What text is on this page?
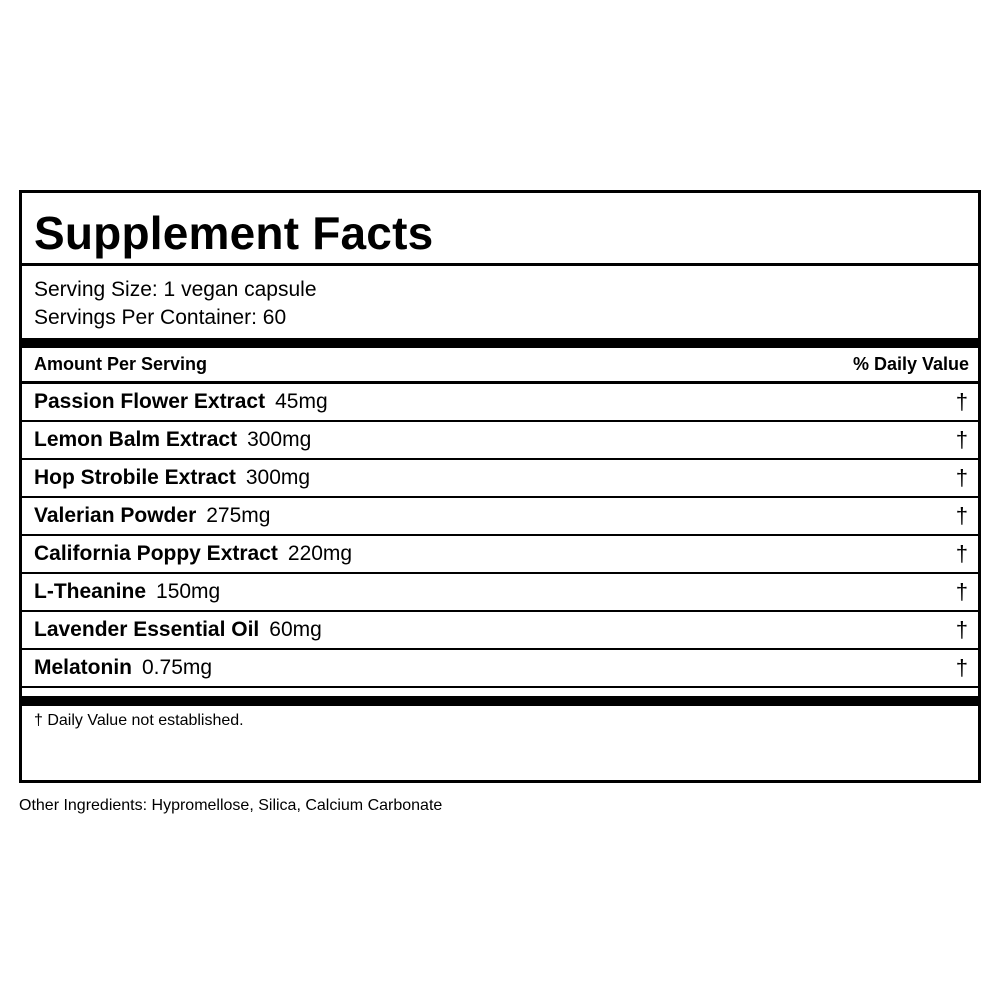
Supplement Facts
Serving Size: 1 vegan capsule
Servings Per Container: 60
Amount Per Serving	% Daily Value
Passion Flower Extract 45mg	†
Lemon Balm Extract 300mg	†
Hop Strobile Extract 300mg	†
Valerian Powder 275mg	†
California Poppy Extract 220mg	†
L-Theanine 150mg	†
Lavender Essential Oil 60mg	†
Melatonin 0.75mg	†
† Daily Value not established.
Other Ingredients: Hypromellose, Silica, Calcium Carbonate
